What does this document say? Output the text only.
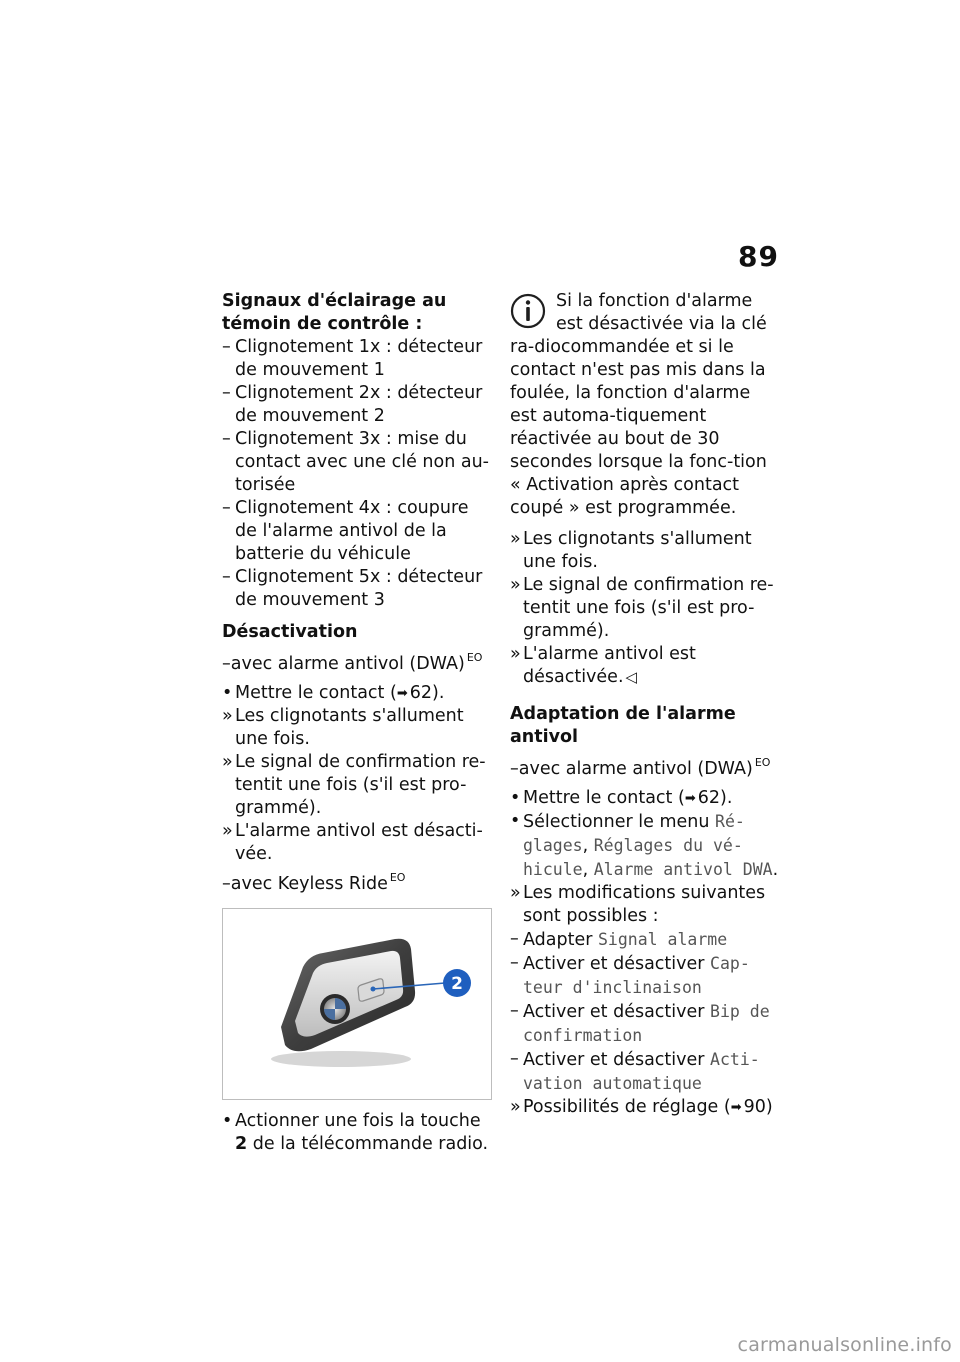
89

Signaux d'éclairage au témoin de contrôle :

– Clignotement 1x : détecteur de mouvement 1

– Clignotement 2x : détecteur de mouvement 2

– Clignotement 3x : mise du contact avec une clé non au-torisée

– Clignotement 4x : coupure de l'alarme antivol de la batterie du véhicule

– Clignotement 5x : détecteur de mouvement 3

Désactivation

–avec alarme antivol (DWA) $^{EO}$

• Mettre le contact (➡ 62).

» Les clignotants s'allument une fois.

» Le signal de confirmation re-tentit une fois (s'il est pro-grammé).

» L'alarme antivol est désacti-vée.

–avec Keyless Ride $^{EO}$

2

• Actionner une fois la touche 2 de la télécommande radio.

Si la fonction d'alarme est désactivée via la clé ra-diocommandée et si le contact n'est pas mis dans la foulée, la fonction d'alarme est automa-tiquement réactivée au bout de 30 secondes lorsque la fonc-tion « Activation après contact coupé » est programmée.

» Les clignotants s'allument une fois.

» Le signal de confirmation re-tentit une fois (s'il est pro-grammé).

» L'alarme antivol est désactivée. ◁

Adaptation de l'alarme antivol

–avec alarme antivol (DWA) $^{EO}$

• Mettre le contact (➡ 62).

• Sélectionner le menu Ré-glages, Réglages du vé-hicule, Alarme antivol DWA.

» Les modifications suivantes sont possibles :

– Adapter Signal alarme

– Activer et désactiver Cap-teur d'inclinaison

– Activer et désactiver Bip de confirmation

– Activer et désactiver Acti-vation automatique

» Possibilités de réglage (➡ 90)

carmanualsonline.info
